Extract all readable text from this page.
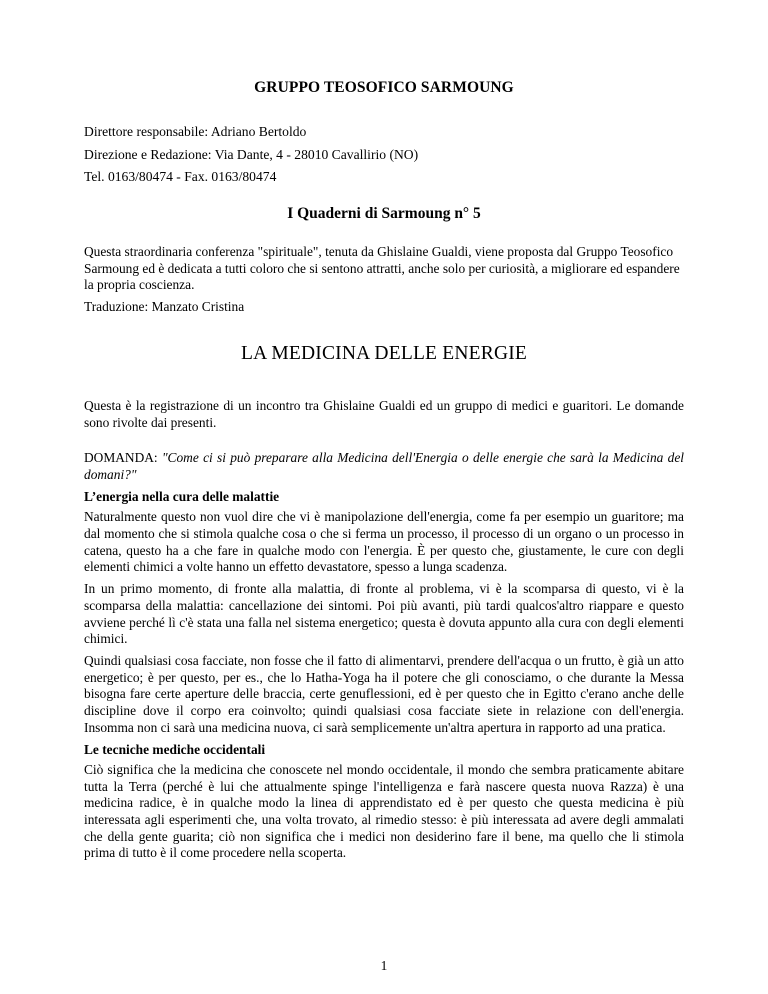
GRUPPO TEOSOFICO SARMOUNG
Direttore responsabile: Adriano Bertoldo
Direzione e Redazione: Via Dante, 4 - 28010 Cavallirio (NO)
Tel. 0163/80474 - Fax. 0163/80474
I Quaderni di Sarmoung n° 5
Questa straordinaria conferenza "spirituale", tenuta da Ghislaine Gualdi, viene proposta dal Gruppo Teosofico Sarmoung ed è dedicata a tutti coloro che si sentono attratti, anche solo per curiosità, a migliorare ed espandere la propria coscienza.
Traduzione: Manzato Cristina
LA MEDICINA DELLE ENERGIE

Questa è la registrazione di un incontro tra Ghislaine Gualdi ed un gruppo di medici e guaritori. Le domande sono rivolte dai presenti.

DOMANDA: "Come ci si può preparare alla Medicina dell'Energia o delle energie che sarà la Medicina del domani?"

L’energia nella cura delle malattie

Naturalmente questo non vuol dire che vi è manipolazione dell'energia, come fa per esempio un guaritore; ma dal momento che si stimola qualche cosa o che si ferma un processo, il processo di un organo o un processo in catena, questo ha a che fare in qualche modo con l'energia. È per questo che, giustamente, le cure con degli elementi chimici a volte hanno un effetto devastatore, spesso a lunga scadenza.

In un primo momento, di fronte alla malattia, di fronte al problema, vi è la scomparsa di questo, vi è la scomparsa della malattia: cancellazione dei sintomi. Poi più avanti, più tardi qualcos'altro riappare e questo avviene perché lì c'è stata una falla nel sistema energetico; questa è dovuta appunto alla cura con degli elementi chimici.

Quindi qualsiasi cosa facciate, non fosse che il fatto di alimentarvi, prendere dell'acqua o un frutto, è già un atto energetico; è per questo, per es., che lo Hatha-Yoga ha il potere che gli conosciamo, o che durante la Messa bisogna fare certe aperture delle braccia, certe genuflessioni, ed è per questo che in Egitto c'erano anche delle discipline dove il corpo era coinvolto; quindi qualsiasi cosa facciate siete in relazione con dell'energia. Insomma non ci sarà una medicina nuova, ci sarà semplicemente un'altra apertura in rapporto ad una pratica.

Le tecniche mediche occidentali

Ciò significa che la medicina che conoscete nel mondo occidentale, il mondo che sembra praticamente abitare tutta la Terra (perché è lui che attualmente spinge l'intelligenza e farà nascere questa nuova Razza) è una medicina radice, è in qualche modo la linea di apprendistato ed è per questo che questa medicina è più interessata agli esperimenti che, una volta trovato, al rimedio stesso: è più interessata ad avere degli ammalati che della gente guarita; ciò non significa che i medici non desiderino fare il bene, ma quello che li stimola prima di tutto è il come procedere nella scoperta.

1
